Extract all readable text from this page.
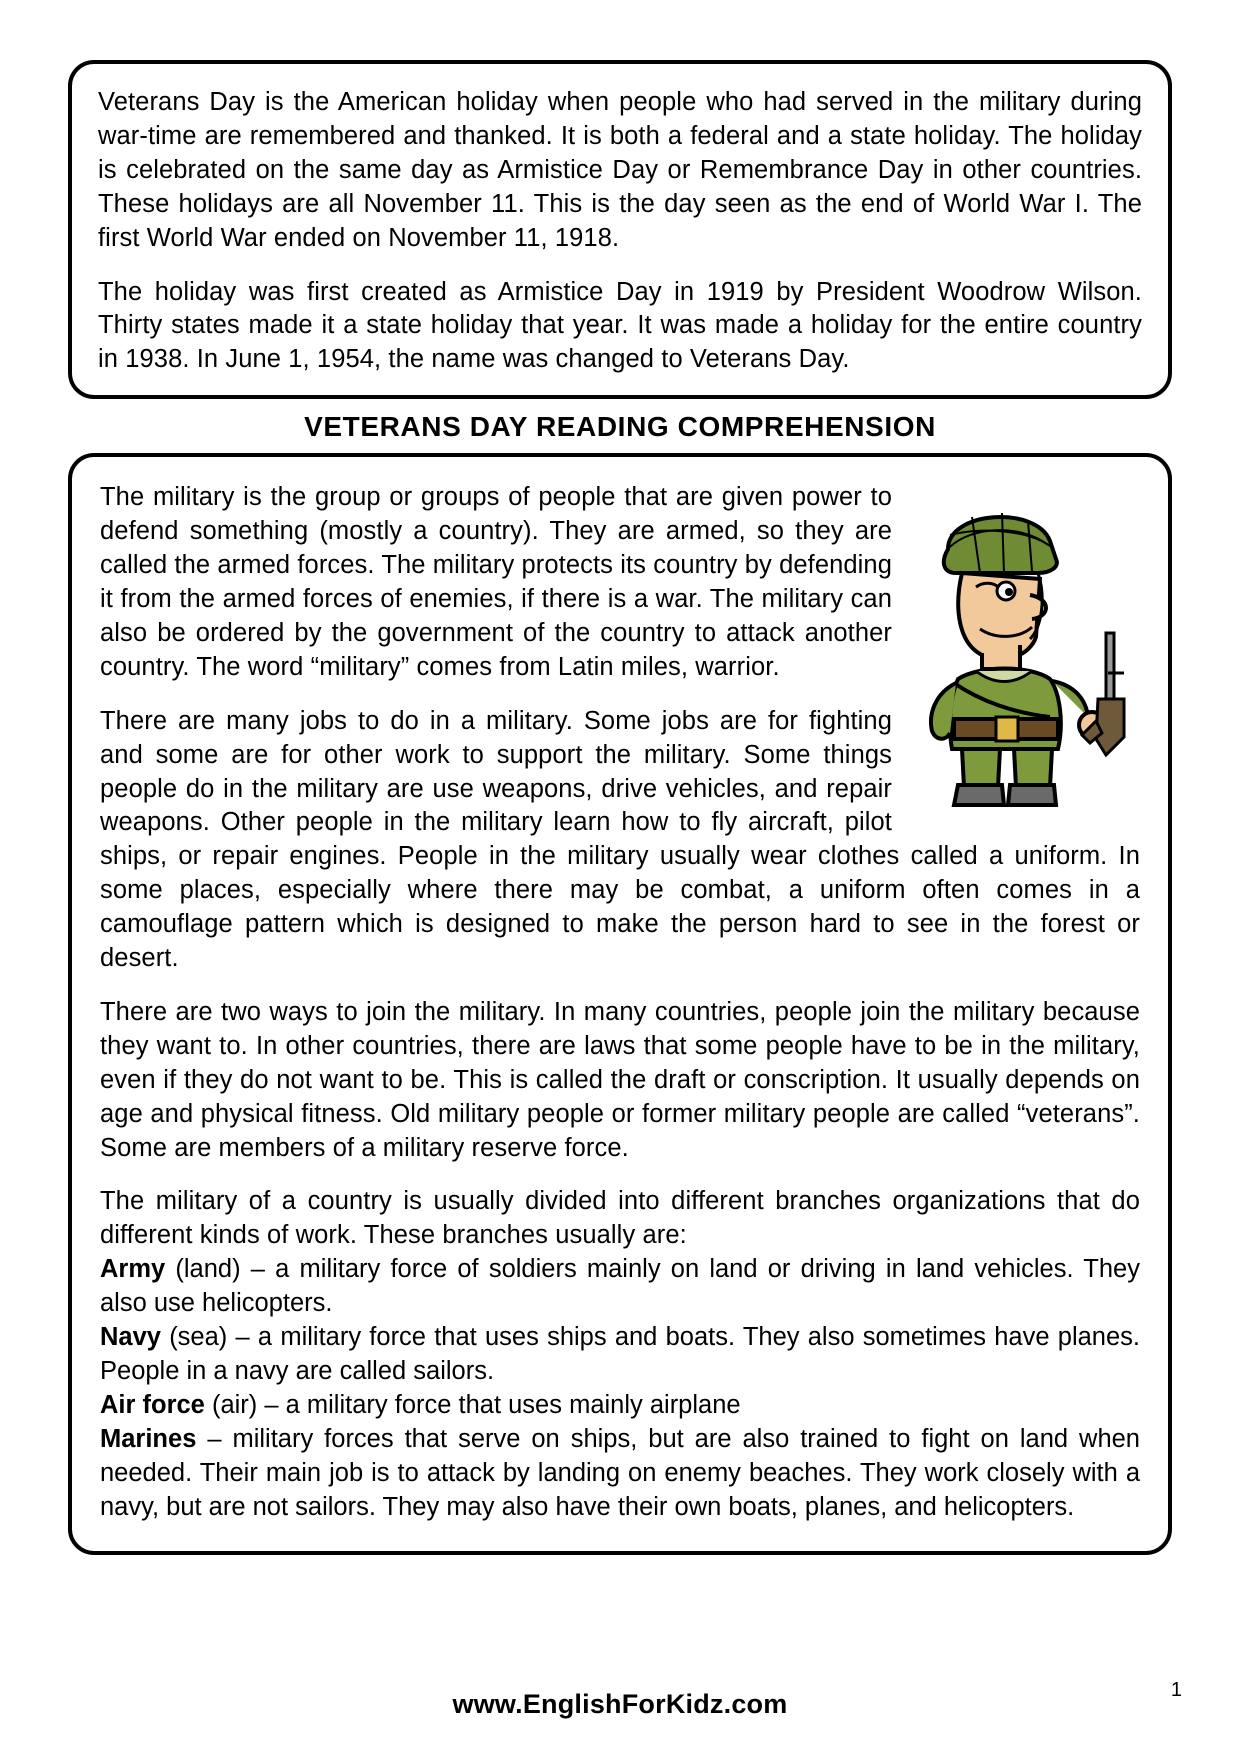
Veterans Day is the American holiday when people who had served in the military during war-time are remembered and thanked. It is both a federal and a state holiday. The holiday is celebrated on the same day as Armistice Day or Remembrance Day in other countries. These holidays are all November 11. This is the day seen as the end of World War I. The first World War ended on November 11, 1918.

The holiday was first created as Armistice Day in 1919 by President Woodrow Wilson. Thirty states made it a state holiday that year. It was made a holiday for the entire country in 1938. In June 1, 1954, the name was changed to Veterans Day.

VETERANS DAY READING COMPREHENSION

The military is the group or groups of people that are given power to defend something (mostly a country). They are armed, so they are called the armed forces. The military protects its country by defending it from the armed forces of enemies, if there is a war. The military can also be ordered by the government of the country to attack another country. The word “military” comes from Latin miles, warrior.

There are many jobs to do in a military. Some jobs are for fighting and some are for other work to support the military. Some things people do in the military are use weapons, drive vehicles, and repair weapons. Other people in the military learn how to fly aircraft, pilot ships, or repair engines. People in the military usually wear clothes called a uniform. In some places, especially where there may be combat, a uniform often comes in a camouflage pattern which is designed to make the person hard to see in the forest or desert.

There are two ways to join the military. In many countries, people join the military because they want to. In other countries, there are laws that some people have to be in the military, even if they do not want to be. This is called the draft or conscription. It usually depends on age and physical fitness. Old military people or former military people are called “veterans”. Some are members of a military reserve force.

The military of a country is usually divided into different branches organizations that do different kinds of work. These branches usually are:

Army (land) – a military force of soldiers mainly on land or driving in land vehicles. They also use helicopters.

Navy (sea) – a military force that uses ships and boats. They also sometimes have planes. People in a navy are called sailors.

Air force (air) – a military force that uses mainly airplane

Marines – military forces that serve on ships, but are also trained to fight on land when needed. Their main job is to attack by landing on enemy beaches. They work closely with a navy, but are not sailors. They may also have their own boats, planes, and helicopters.

www.EnglishForKidz.com	1
